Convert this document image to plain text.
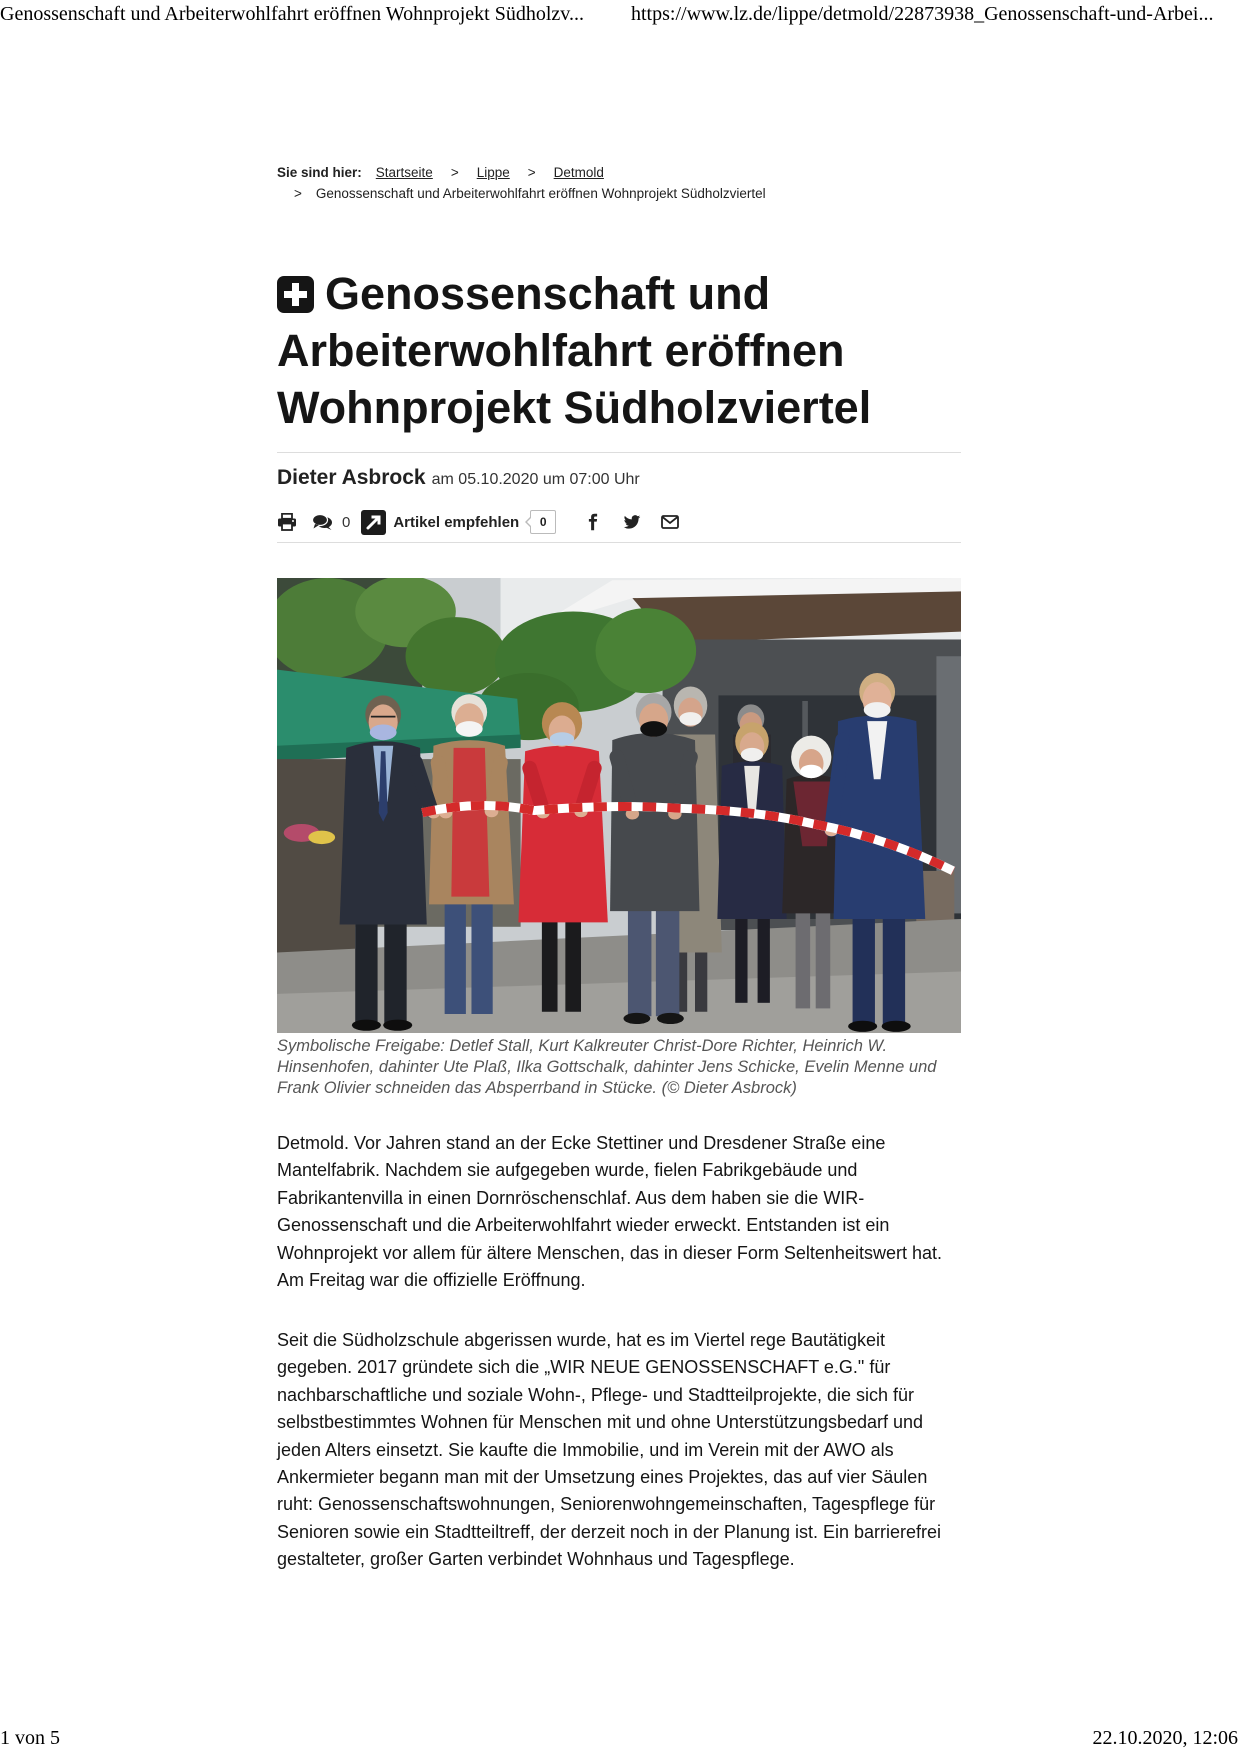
Genossenschaft und Arbeiterwohlfahrt eröffnen Wohnprojekt Südholzv...	https://www.lz.de/lippe/detmold/22873938_Genossenschaft-und-Arbei...
Sie sind hier: Startseite > Lippe > Detmold
> Genossenschaft und Arbeiterwohlfahrt eröffnen Wohnprojekt Südholzviertel
Genossenschaft und Arbeiterwohlfahrt eröffnen Wohnprojekt Südholzviertel
Dieter Asbrock am 05.10.2020 um 07:00 Uhr
0	Artikel empfehlen	0

Symbolische Freigabe: Detlef Stall, Kurt Kalkreuter Christ-Dore Richter, Heinrich W. Hinsenhofen, dahinter Ute Plaß, Ilka Gottschalk, dahinter Jens Schicke, Evelin Menne und Frank Olivier schneiden das Absperrband in Stücke. (© Dieter Asbrock)

Detmold. Vor Jahren stand an der Ecke Stettiner und Dresdener Straße eine Mantelfabrik. Nachdem sie aufgegeben wurde, fielen Fabrikgebäude und Fabrikantenvilla in einen Dornröschenschlaf. Aus dem haben sie die WIR-Genossenschaft und die Arbeiterwohlfahrt wieder erweckt. Entstanden ist ein Wohnprojekt vor allem für ältere Menschen, das in dieser Form Seltenheitswert hat. Am Freitag war die offizielle Eröffnung.

Seit die Südholzschule abgerissen wurde, hat es im Viertel rege Bautätigkeit gegeben. 2017 gründete sich die „WIR NEUE GENOSSENSCHAFT e.G." für nachbarschaftliche und soziale Wohn-, Pflege- und Stadtteilprojekte, die sich für selbstbestimmtes Wohnen für Menschen mit und ohne Unterstützungsbedarf und jeden Alters einsetzt. Sie kaufte die Immobilie, und im Verein mit der AWO als Ankermieter begann man mit der Umsetzung eines Projektes, das auf vier Säulen ruht: Genossenschaftswohnungen, Seniorenwohngemeinschaften, Tagespflege für Senioren sowie ein Stadtteiltreff, der derzeit noch in der Planung ist. Ein barrierefrei gestalteter, großer Garten verbindet Wohnhaus und Tagespflege.

1 von 5	22.10.2020, 12:06
